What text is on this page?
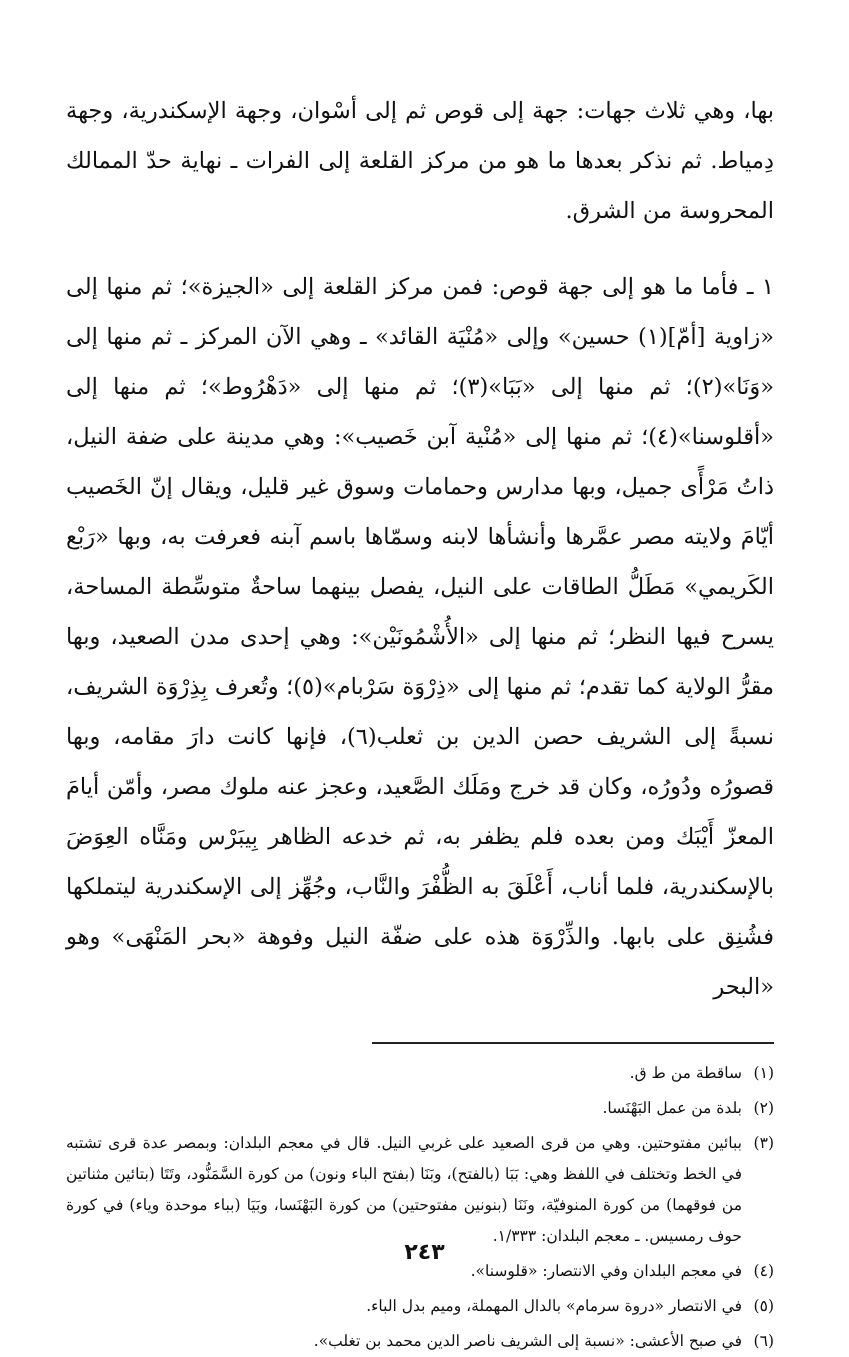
بها، وهي ثلاث جهات: جهة إلى قوص ثم إلى أسْوان، وجهة الإسكندرية، وجهة دِمياط. ثم نذكر بعدها ما هو من مركز القلعة إلى الفرات ـ نهاية حدّ الممالك المحروسة من الشرق.

١ ـ فأما ما هو إلى جهة قوص: فمن مركز القلعة إلى «الجيزة»؛ ثم منها إلى «زاوية [أمّ](١) حسين» وإلى «مُنْيَة القائد» ـ وهي الآن المركز ـ ثم منها إلى «وَنَا»(٢)؛ ثم منها إلى «بَبَا»(٣)؛ ثم منها إلى «دَهْرُوط»؛ ثم منها إلى «أقلوسنا»(٤)؛ ثم منها إلى «مُنْية آبن خَصيب»: وهي مدينة على ضفة النيل، ذاتُ مَرْأًى جميل، وبها مدارس وحمامات وسوق غير قليل، ويقال إنّ الخَصيب أيّامَ ولايته مصر عمَّرها وأنشأها لابنه وسمّاها باسم آبنه فعرفت به، وبها «رَبْع الكَريمي» مَطَلُّ الطاقات على النيل، يفصل بينهما ساحةٌ متوسِّطة المساحة، يسرح فيها النظر؛ ثم منها إلى «الأُشْمُونَيْن»: وهي إحدى مدن الصعيد، وبها مقرُّ الولاية كما تقدم؛ ثم منها إلى «ذِرْوَة سَرْبام»(٥)؛ وتُعرف بِذِرْوَة الشريف، نسبةً إلى الشريف حصن الدين بن ثعلب(٦)، فإنها كانت دارَ مقامه، وبها قصورُه ودُورُه، وكان قد خرج ومَلَك الصَّعيد، وعجز عنه ملوك مصر، وأمّن أيامَ المعزّ أَيْبَك ومن بعده فلم يظفر به، ثم خدعه الظاهر بِيبَرْس ومَنَّاه العِوَضَ بالإسكندرية، فلما أناب، أَعْلَقَ به الظُّفْرَ والنَّاب، وجُهِّز إلى الإسكندرية ليتملكها فشُنِق على بابها. والذِّرْوَة هذه على ضفّة النيل وفوهة «بحر المَنْهَى» وهو «البحر

(١)
ساقطة من ط ق.
(٢)
بلدة من عمل البَهْنَسا.
(٣)
ببائين مفتوحتين. وهي من قرى الصعيد على غربي النيل. قال في معجم البلدان: وبمصر عدة قرى تشتبه في الخط وتختلف في اللفظ وهي: بَبَا (بالفتح)، وبَنَا (بفتح الباء ونون) من كورة السَّمَنُّود، وتَتَا (بتائين مثناتين من فوقهما) من كورة المنوفيّة، ونَنَا (بنونين مفتوحتين) من كورة البَهْنَسا، وبَيَا (بباء موحدة وياء) في كورة حوف رمسيس. ـ معجم البلدان: ١/٣٣٣.
(٤)
في معجم البلدان وفي الانتصار: «قلوسنا».
(٥)
في الانتصار «دروة سرمام» بالدال المهملة، وميم بدل الباء.
(٦)
في صبح الأعشى: «نسبة إلى الشريف ناصر الدين محمد بن تغلب».
٢٤٣
